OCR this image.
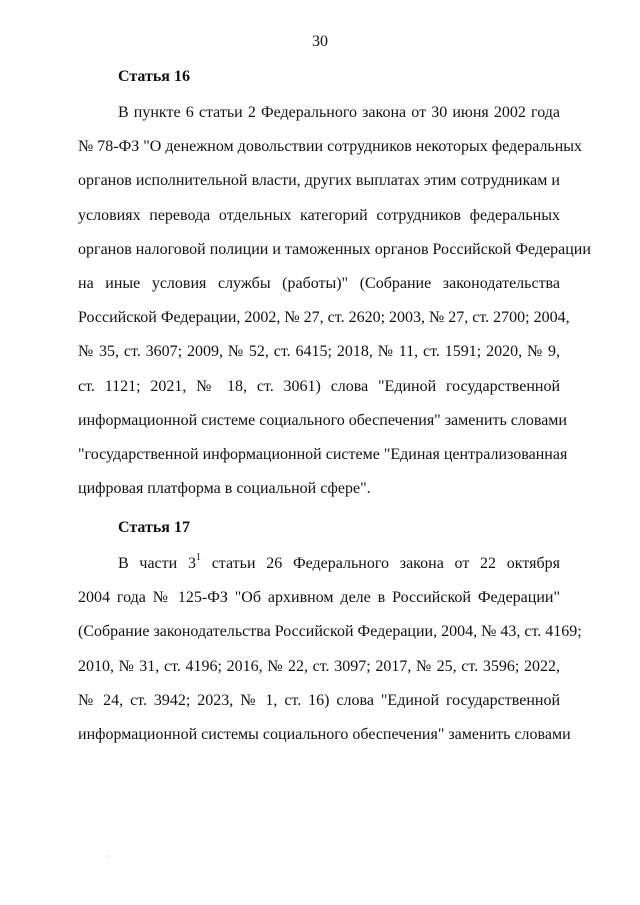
30
Статья 16
В пункте 6 статьи 2 Федерального закона от 30 июня 2002 года
№ 78-ФЗ "О денежном довольствии сотрудников некоторых федеральных
органов исполнительной власти, других выплатах этим сотрудникам и
условиях перевода отдельных категорий сотрудников федеральных
органов налоговой полиции и таможенных органов Российской Федерации
на иные условия службы (работы)" (Собрание законодательства
Российской Федерации, 2002, № 27, ст. 2620; 2003, № 27, ст. 2700; 2004,
№ 35, ст. 3607; 2009, № 52, ст. 6415; 2018, № 11, ст. 1591; 2020, № 9,
ст. 1121; 2021, № 18, ст. 3061) слова "Единой государственной
информационной системе социального обеспечения" заменить словами
"государственной информационной системе "Единая централизованная
цифровая платформа в социальной сфере".
Статья 17
В части $3^1$ статьи 26 Федерального закона от 22 октября
2004 года № 125-ФЗ "Об архивном деле в Российской Федерации"
(Собрание законодательства Российской Федерации, 2004, № 43, ст. 4169;
2010, № 31, ст. 4196; 2016, № 22, ст. 3097; 2017, № 25, ст. 3596; 2022,
№ 24, ст. 3942; 2023, № 1, ст. 16) слова "Единой государственной
информационной системы социального обеспечения" заменить словами
·
